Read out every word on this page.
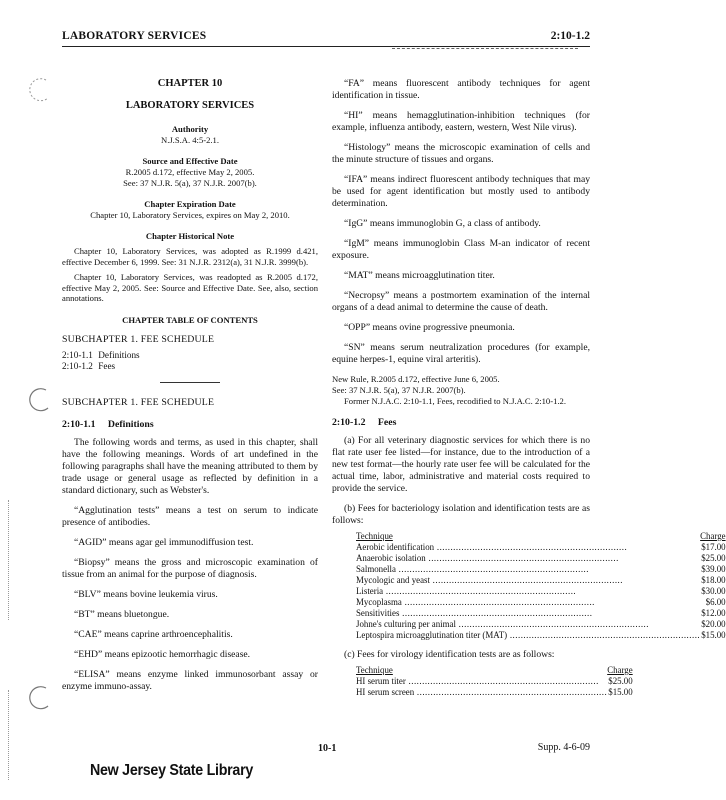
LABORATORY SERVICES	2:10-1.2

CHAPTER 10

LABORATORY SERVICES

Authority

N.J.S.A. 4:5-2.1.

Source and Effective Date

R.2005 d.172, effective May 2, 2005.

See: 37 N.J.R. 5(a), 37 N.J.R. 2007(b).

Chapter Expiration Date

Chapter 10, Laboratory Services, expires on May 2, 2010.

Chapter Historical Note

Chapter 10, Laboratory Services, was adopted as R.1999 d.421, effective December 6, 1999. See: 31 N.J.R. 2312(a), 31 N.J.R. 3999(b).

Chapter 10, Laboratory Services, was readopted as R.2005 d.172, effective May 2, 2005. See: Source and Effective Date. See, also, section annotations.

CHAPTER TABLE OF CONTENTS

SUBCHAPTER 1. FEE SCHEDULE

2:10-1.1 Definitions
2:10-1.2 Fees

SUBCHAPTER 1. FEE SCHEDULE

2:10-1.1 Definitions

The following words and terms, as used in this chapter, shall have the following meanings. Words of art undefined in the following paragraphs shall have the meaning attributed to them by trade usage or general usage as reflected by definition in a standard dictionary, such as Webster's.

“Agglutination tests” means a test on serum to indicate presence of antibodies.

“AGID” means agar gel immunodiffusion test.

“Biopsy” means the gross and microscopic examination of tissue from an animal for the purpose of diagnosis.

“BLV” means bovine leukemia virus.

“BT” means bluetongue.

“CAE” means caprine arthroencephalitis.

“EHD” means epizootic hemorrhagic disease.

“ELISA” means enzyme linked immunosorbant assay or enzyme immuno-assay.

“FA” means fluorescent antibody techniques for agent identification in tissue.

“HI” means hemagglutination-inhibition techniques (for example, influenza antibody, eastern, western, West Nile virus).

“Histology” means the microscopic examination of cells and the minute structure of tissues and organs.

“IFA” means indirect fluorescent antibody techniques that may be used for agent identification but mostly used to antibody determination.

“IgG” means immunoglobin G, a class of antibody.

“IgM” means immunoglobin Class M-an indicator of recent exposure.

“MAT” means microagglutination titer.

“Necropsy” means a postmortem examination of the internal organs of a dead animal to determine the cause of death.

“OPP” means ovine progressive pneumonia.

“SN” means serum neutralization procedures (for example, equine herpes-1, equine viral arteritis).

New Rule, R.2005 d.172, effective June 6, 2005.

See: 37 N.J.R. 5(a), 37 N.J.R. 2007(b).

Former N.J.A.C. 2:10-1.1, Fees, recodified to N.J.A.C. 2:10-1.2.

2:10-1.2 Fees

(a) For all veterinary diagnostic services for which there is no flat rate user fee listed—for instance, due to the introduction of a new test format—the hourly rate user fee will be calculated for the actual time, labor, administrative and material costs required to provide the service.

(b) Fees for bacteriology isolation and identification tests are as follows:

Technique	Charge
Aerobic identification .....	$17.00
Anaerobic isolation .....	$25.00
Salmonella .....	$39.00
Mycologic and yeast .....	$18.00
Listeria .....	$30.00
Mycoplasma .....	$6.00
Sensitivities .....	$12.00
Johne's culturing per animal .....	$20.00
Leptospira microagglutination titer (MAT) .....	$15.00

(c) Fees for virology identification tests are as follows:

Technique	Charge
HI serum titer .....	$25.00
HI serum screen .....	$15.00
10-1	Supp. 4-6-09
New Jersey State Library
